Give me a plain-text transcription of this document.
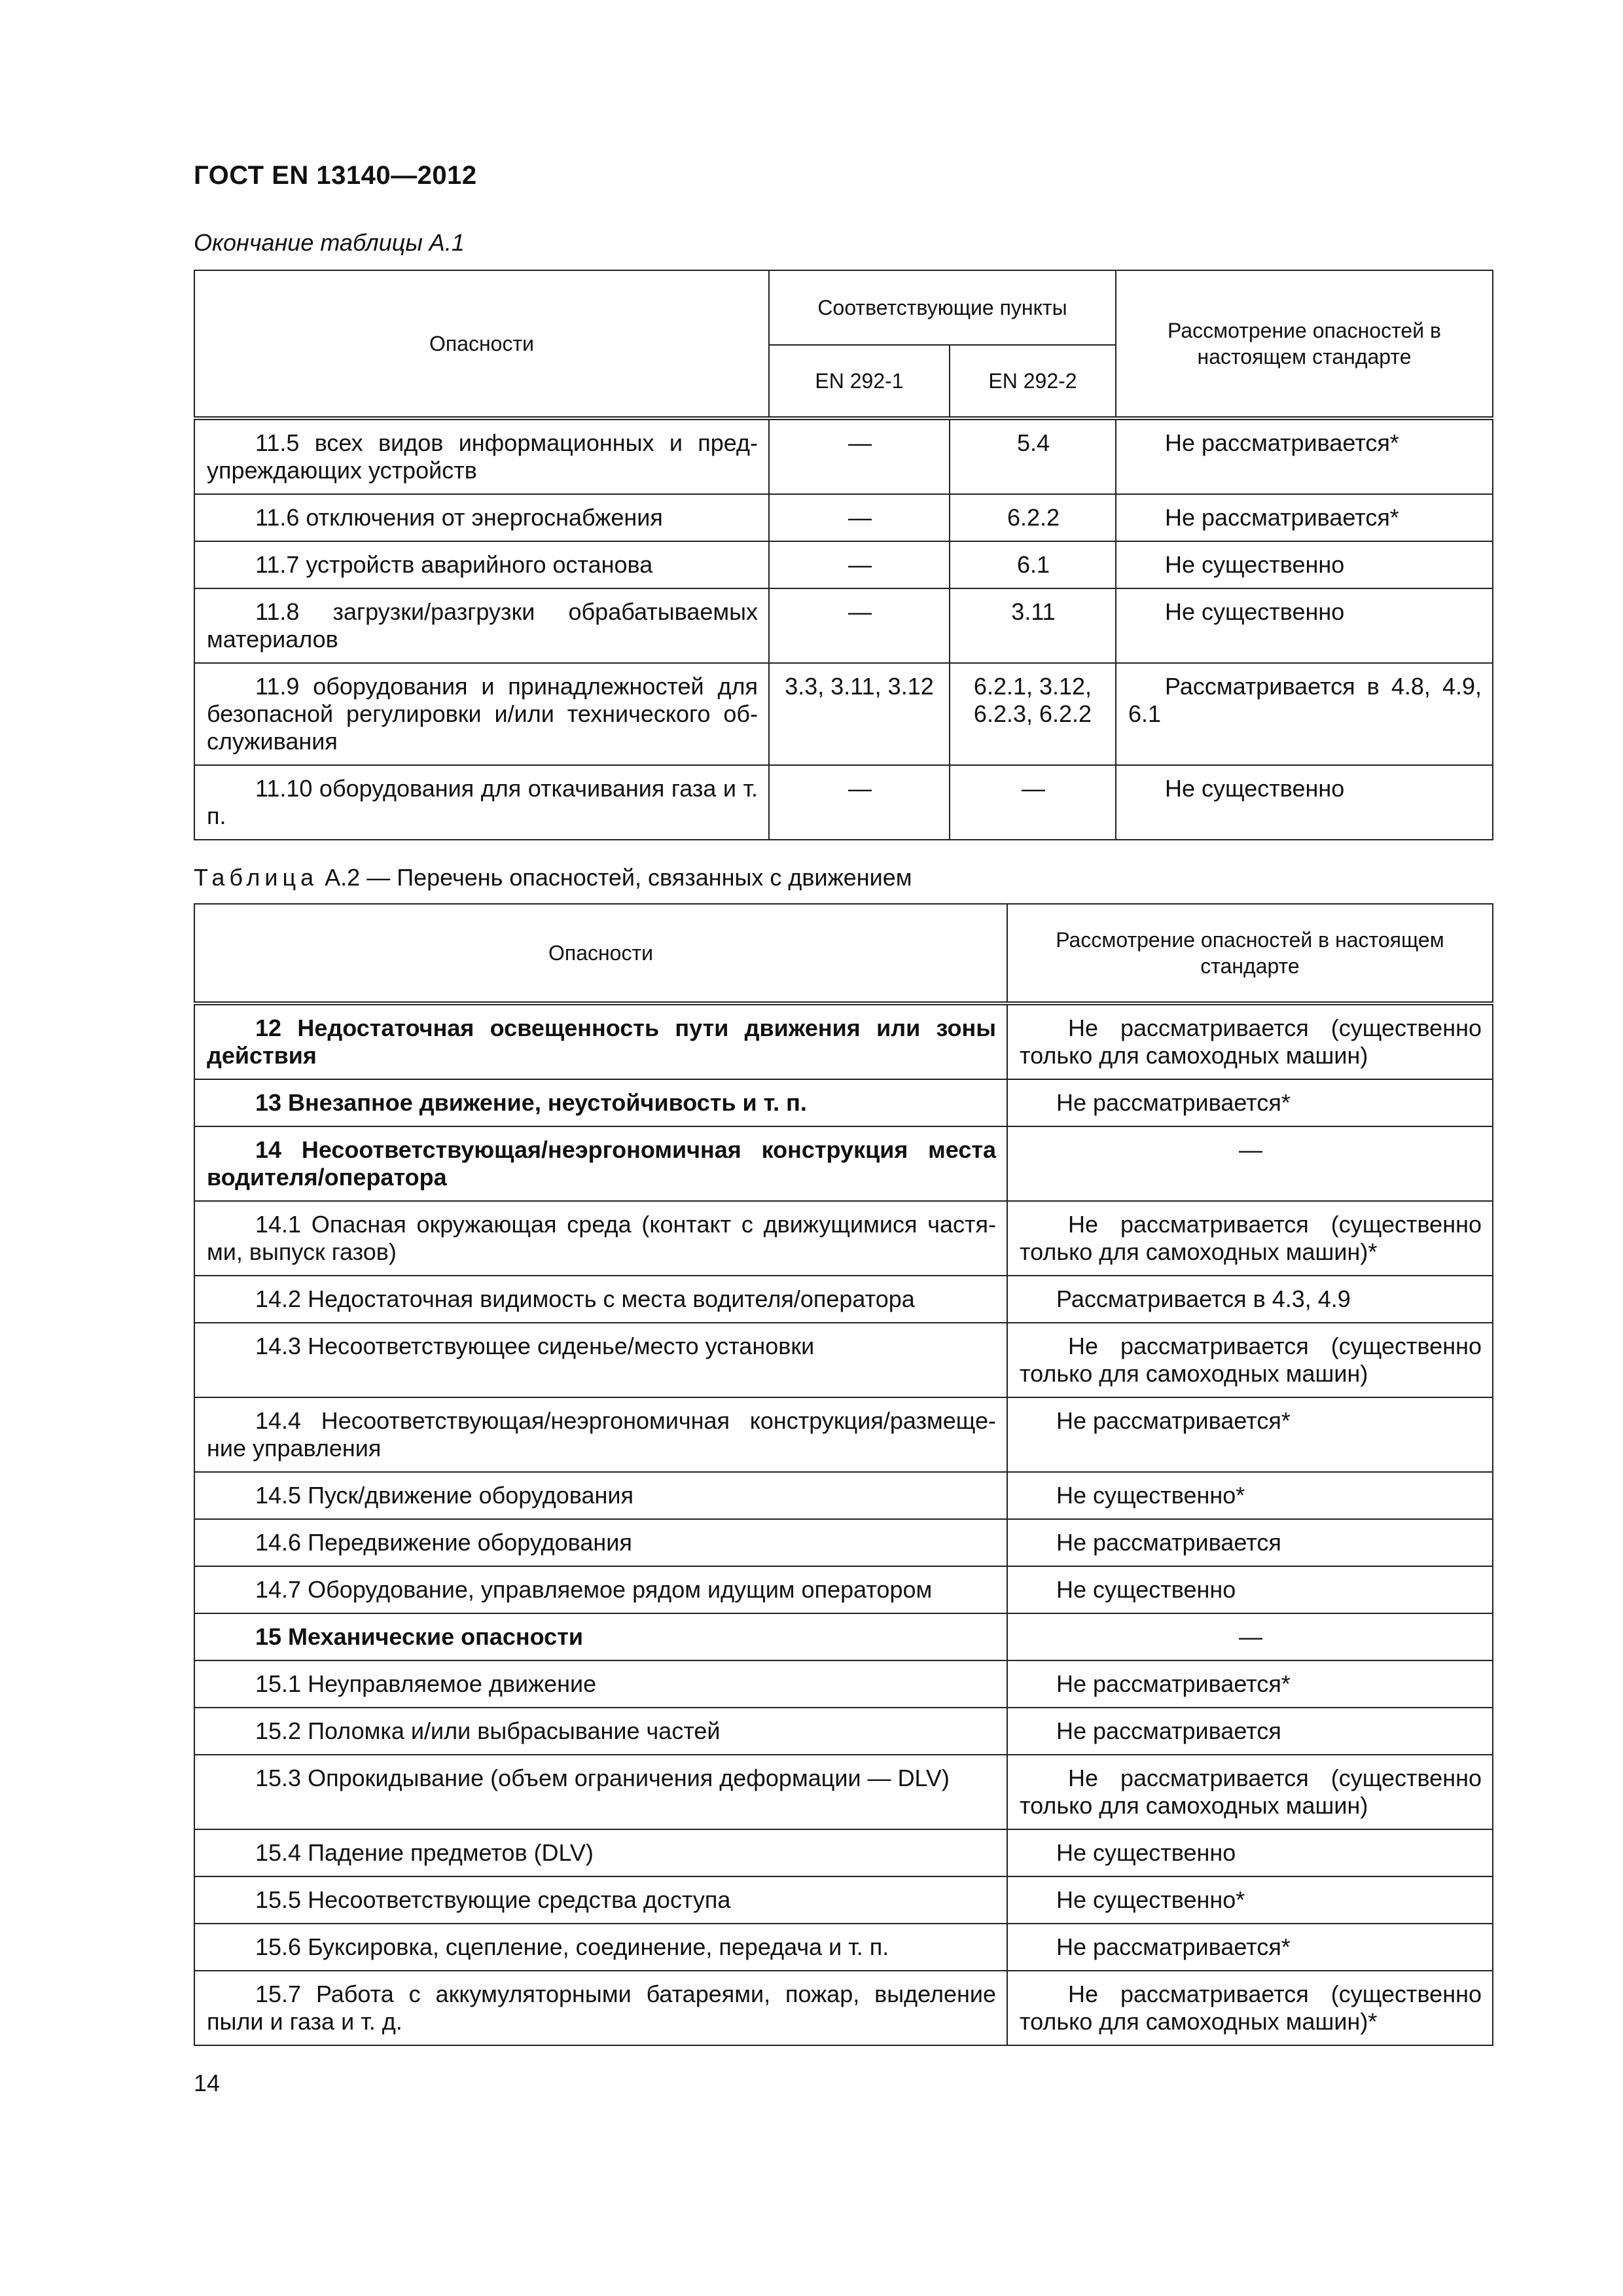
ГОСТ EN 13140—2012
Окончание таблицы А.1
Опасности	Соответствующие пункты		Рассмотрение опасностей в настоящем стандарте
	EN 292-1	EN 292-2	
11.5 всех видов информационных и пред-упреждающих устройств	—	5.4	Не рассматривается*
11.6 отключения от энергоснабжения	—	6.2.2	Не рассматривается*
11.7 устройств аварийного останова	—	6.1	Не существенно
11.8 загрузки/разгрузки обрабатываемых материалов	—	3.11	Не существенно
11.9 оборудования и принадлежностей для безопасной регулировки и/или технического об-служивания	3.3, 3.11, 3.12	6.2.1, 3.12, 6.2.3, 6.2.2	Рассматривается в 4.8, 4.9, 6.1
11.10 оборудования для откачивания газа и т. п.	—	—	Не существенно
Таблица А.2 — Перечень опасностей, связанных с движением
Опасности	Рассмотрение опасностей в настоящем стандарте
12 Недостаточная освещенность пути движения или зоны действия	Не рассматривается (существенно только для самоходных машин)
13 Внезапное движение, неустойчивость и т. п.	Не рассматривается*
14 Несоответствующая/неэргономичная конструкция места водителя/оператора	—
14.1 Опасная окружающая среда (контакт с движущимися частя-ми, выпуск газов)	Не рассматривается (существенно только для самоходных машин)*
14.2 Недостаточная видимость с места водителя/оператора	Рассматривается в 4.3, 4.9
14.3 Несоответствующее сиденье/место установки	Не рассматривается (существенно только для самоходных машин)
14.4 Несоответствующая/неэргономичная конструкция/размеще-ние управления	Не рассматривается*
14.5 Пуск/движение оборудования	Не существенно*
14.6 Передвижение оборудования	Не рассматривается
14.7 Оборудование, управляемое рядом идущим оператором	Не существенно
15 Механические опасности	—
15.1 Неуправляемое движение	Не рассматривается*
15.2 Поломка и/или выбрасывание частей	Не рассматривается
15.3 Опрокидывание (объем ограничения деформации — DLV)	Не рассматривается (существенно только для самоходных машин)
15.4 Падение предметов (DLV)	Не существенно
15.5 Несоответствующие средства доступа	Не существенно*
15.6 Буксировка, сцепление, соединение, передача и т. п.	Не рассматривается*
15.7 Работа с аккумуляторными батареями, пожар, выделение пыли и газа и т. д.	Не рассматривается (существенно только для самоходных машин)*
14
